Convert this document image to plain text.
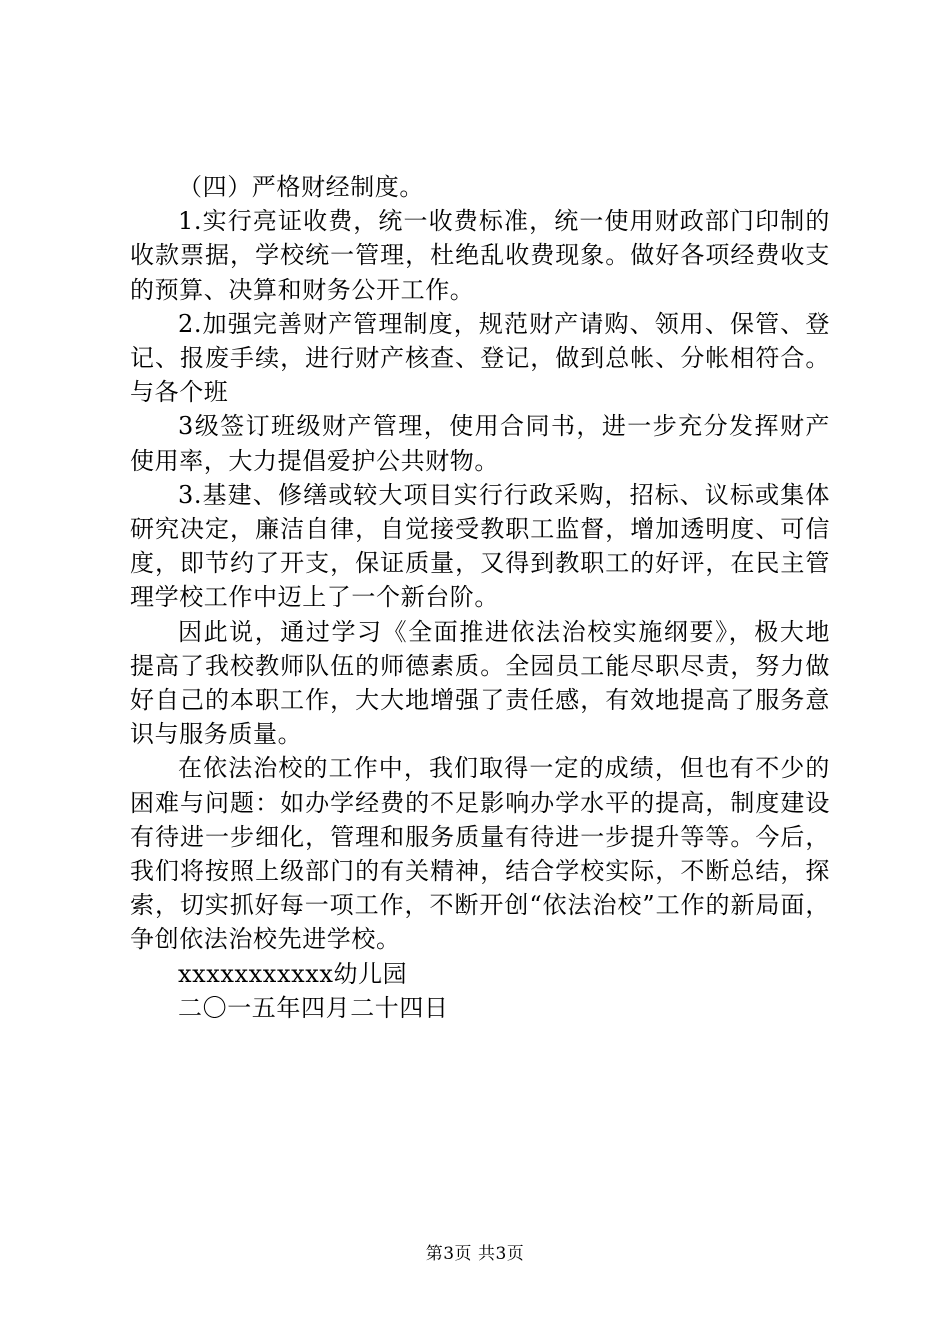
（四）严格财经制度。

1.实行亮证收费，统一收费标准，统一使用财政部门印制的收款票据，学校统一管理，杜绝乱收费现象。做好各项经费收支的预算、决算和财务公开工作。

2.加强完善财产管理制度，规范财产请购、领用、保管、登记、报废手续，进行财产核查、登记，做到总帐、分帐相符合。与各个班

3级签订班级财产管理，使用合同书，进一步充分发挥财产使用率，大力提倡爱护公共财物。

3.基建、修缮或较大项目实行行政采购，招标、议标或集体研究决定，廉洁自律，自觉接受教职工监督，增加透明度、可信度，即节约了开支，保证质量，又得到教职工的好评，在民主管理学校工作中迈上了一个新台阶。

因此说，通过学习《全面推进依法治校实施纲要》，极大地提高了我校教师队伍的师德素质。全园员工能尽职尽责，努力做好自己的本职工作，大大地增强了责任感，有效地提高了服务意识与服务质量。

在依法治校的工作中，我们取得一定的成绩，但也有不少的困难与问题：如办学经费的不足影响办学水平的提高，制度建设有待进一步细化，管理和服务质量有待进一步提升等等。今后，我们将按照上级部门的有关精神，结合学校实际，不断总结，探索，切实抓好每一项工作，不断开创“依法治校”工作的新局面，争创依法治校先进学校。

xxxxxxxxxxx幼儿园

二〇一五年四月二十四日

第3页 共3页
